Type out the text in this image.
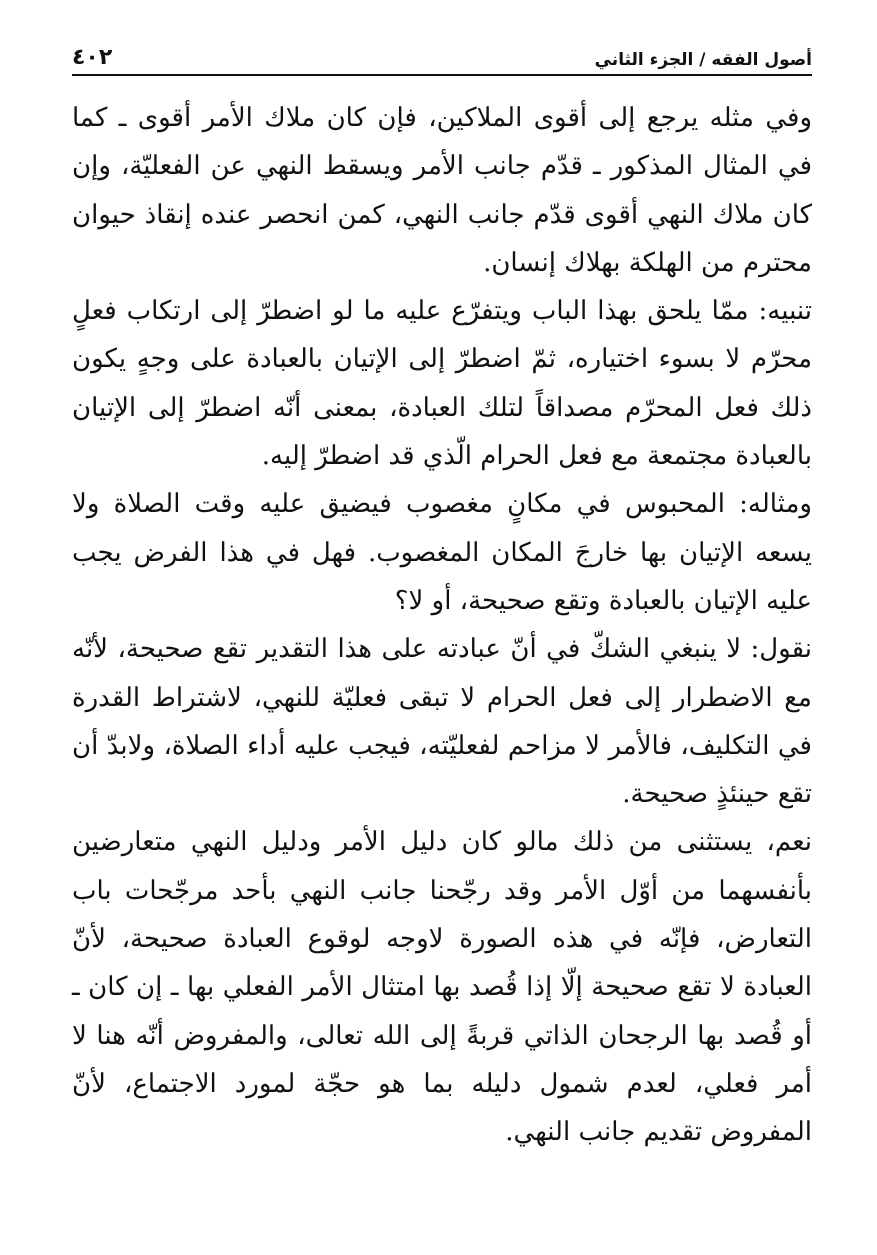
أصول الفقه / الجزء الثاني
٤٠٢

وفي مثله يرجع إلى أقوى الملاكين، فإن كان ملاك الأمر أقوى ـ كما في المثال المذكور ـ قدّم جانب الأمر ويسقط النهي عن الفعليّة، وإن كان ملاك النهي أقوى قدّم جانب النهي، كمن انحصر عنده إنقاذ حيوان محترم من الهلكة بهلاك إنسان.

تنبيه: ممّا يلحق بهذا الباب ويتفرّع عليه ما لو اضطرّ إلى ارتكاب فعلٍ محرّم لا بسوء اختياره، ثمّ اضطرّ إلى الإتيان بالعبادة على وجهٍ يكون ذلك فعل المحرّم مصداقاً لتلك العبادة، بمعنى أنّه اضطرّ إلى الإتيان بالعبادة مجتمعة مع فعل الحرام الّذي قد اضطرّ إليه.

ومثاله: المحبوس في مكانٍ مغصوب فيضيق عليه وقت الصلاة ولا يسعه الإتيان بها خارجَ المكان المغصوب. فهل في هذا الفرض يجب عليه الإتيان بالعبادة وتقع صحيحة، أو لا؟

نقول: لا ينبغي الشكّ في أنّ عبادته على هذا التقدير تقع صحيحة، لأنّه مع الاضطرار إلى فعل الحرام لا تبقى فعليّة للنهي، لاشتراط القدرة في التكليف، فالأمر لا مزاحم لفعليّته، فيجب عليه أداء الصلاة، ولابدّ أن تقع حينئذٍ صحيحة.

نعم، يستثنى من ذلك مالو كان دليل الأمر ودليل النهي متعارضين بأنفسهما من أوّل الأمر وقد رجّحنا جانب النهي بأحد مرجّحات باب التعارض، فإنّه في هذه الصورة لاوجه لوقوع العبادة صحيحة، لأنّ العبادة لا تقع صحيحة إلّا إذا قُصد بها امتثال الأمر الفعلي بها ـ إن كان ـ أو قُصد بها الرجحان الذاتي قربةً إلى الله تعالى، والمفروض أنّه هنا لا أمر فعلي، لعدم شمول دليله بما هو حجّة لمورد الاجتماع، لأنّ المفروض تقديم جانب النهي.
